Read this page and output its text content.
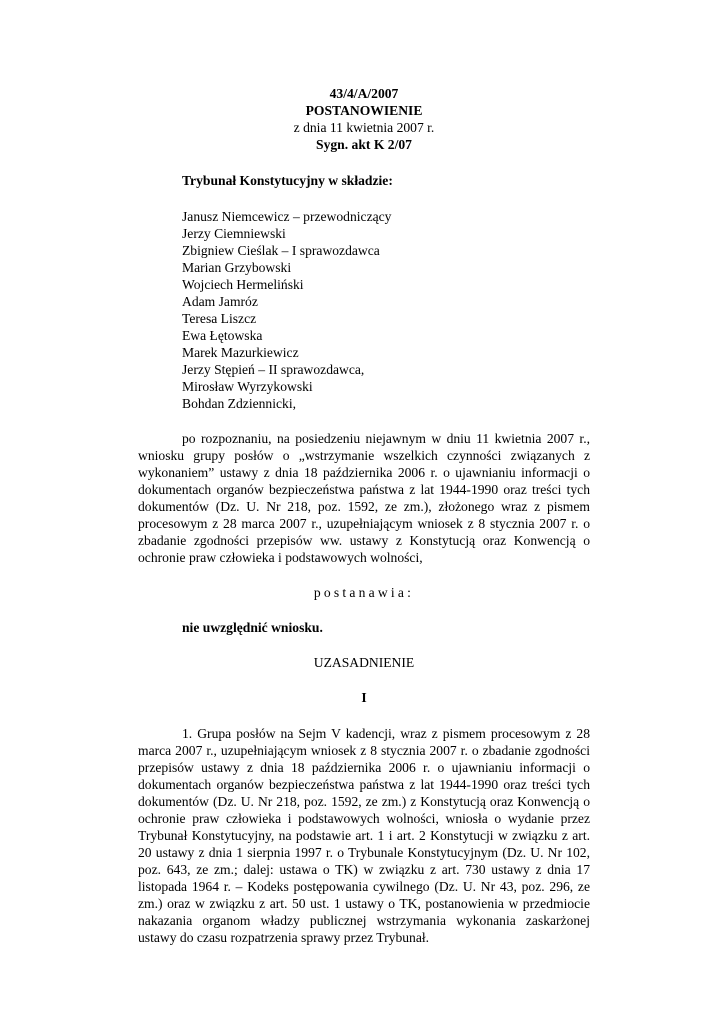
43/4/A/2007

POSTANOWIENIE

z dnia 11 kwietnia 2007 r.

Sygn. akt K 2/07

Trybunał Konstytucyjny w składzie:
Janusz Niemcewicz – przewodniczący
Jerzy Ciemniewski
Zbigniew Cieślak – I sprawozdawca
Marian Grzybowski
Wojciech Hermeliński
Adam Jamróz
Teresa Liszcz
Ewa Łętowska
Marek Mazurkiewicz
Jerzy Stępień – II sprawozdawca,
Mirosław Wyrzykowski
Bohdan Zdziennicki,

po rozpoznaniu, na posiedzeniu niejawnym w dniu 11 kwietnia 2007 r., wniosku grupy posłów o „wstrzymanie wszelkich czynności związanych z wykonaniem” ustawy z dnia 18 października 2006 r. o ujawnianiu informacji o dokumentach organów bezpieczeństwa państwa z lat 1944-1990 oraz treści tych dokumentów (Dz. U. Nr 218, poz. 1592, ze zm.), złożonego wraz z pismem procesowym z 28 marca 2007 r., uzupełniającym wniosek z 8 stycznia 2007 r. o zbadanie zgodności przepisów ww. ustawy z Konstytucją oraz Konwencją o ochronie praw człowieka i podstawowych wolności,

postanawia:

nie uwzględnić wniosku.

UZASADNIENIE

I

1. Grupa posłów na Sejm V kadencji, wraz z pismem procesowym z 28 marca 2007 r., uzupełniającym wniosek z 8 stycznia 2007 r. o zbadanie zgodności przepisów ustawy z dnia 18 października 2006 r. o ujawnianiu informacji o dokumentach organów bezpieczeństwa państwa z lat 1944-1990 oraz treści tych dokumentów (Dz. U. Nr 218, poz. 1592, ze zm.) z Konstytucją oraz Konwencją o ochronie praw człowieka i podstawowych wolności, wniosła o wydanie przez Trybunał Konstytucyjny, na podstawie art. 1 i art. 2 Konstytucji w związku z art. 20 ustawy z dnia 1 sierpnia 1997 r. o Trybunale Konstytucyjnym (Dz. U. Nr 102, poz. 643, ze zm.; dalej: ustawa o TK) w związku z art. 730 ustawy z dnia 17 listopada 1964 r. – Kodeks postępowania cywilnego (Dz. U. Nr 43, poz. 296, ze zm.) oraz w związku z art. 50 ust. 1 ustawy o TK, postanowienia w przedmiocie nakazania organom władzy publicznej wstrzymania wykonania zaskarżonej ustawy do czasu rozpatrzenia sprawy przez Trybunał.
